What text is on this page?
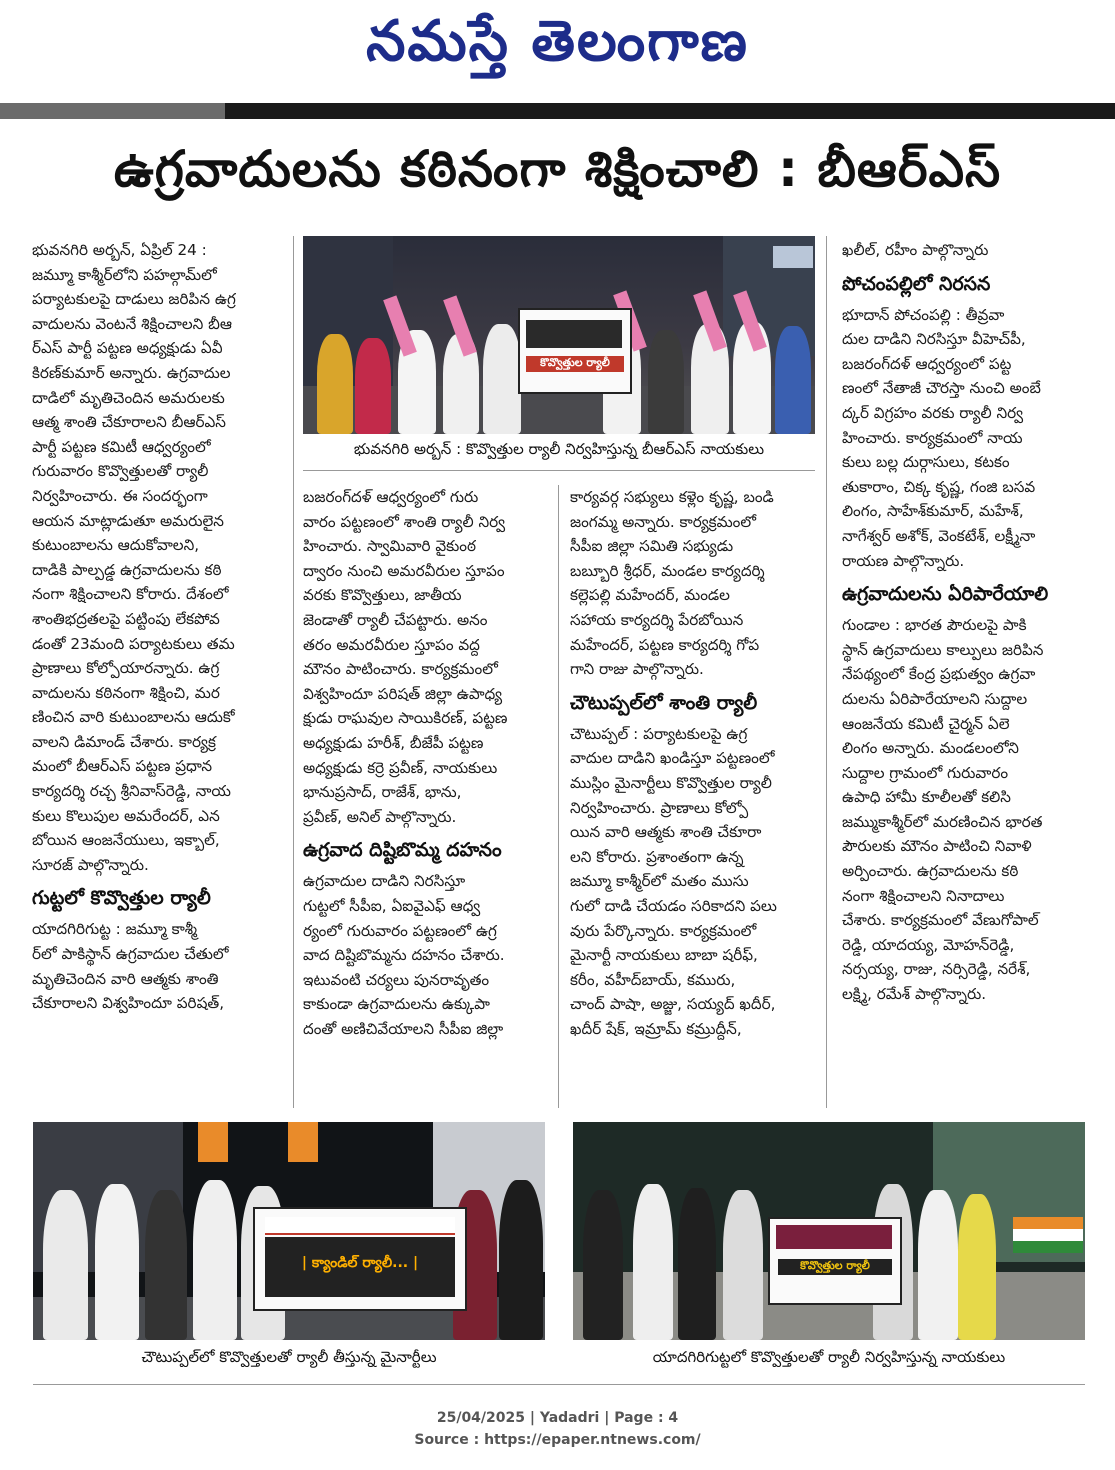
నమస్తే తెలంగాణ
ఉగ్రవాదులను కఠినంగా శిక్షించాలి : బీఆర్ఎస్
కొవ్వొత్తుల ర్యాలీ
భువనగిరి అర్బన్ : కొవ్వొత్తుల ర్యాలీ నిర్వహిస్తున్న బీఆర్ఎస్ నాయకులు

భువనగిరి అర్బన్, ఏప్రిల్ 24 :

జమ్మూ కాశ్మీర్‌లోని పహల్గామ్‌లో

పర్యాటకులపై దాడులు జరిపిన ఉగ్ర

వాదులను వెంటనే శిక్షించాలని బీఆ

ర్ఎస్ పార్టీ పట్టణ అధ్యక్షుడు ఏవీ

కిరణ్‌కుమార్ అన్నారు. ఉగ్రవాదుల

దాడిలో మృతిచెందిన అమరులకు

ఆత్మ శాంతి చేకూరాలని బీఆర్ఎస్

పార్టీ పట్టణ కమిటీ ఆధ్వర్యంలో

గురువారం కొవ్వొత్తులతో ర్యాలీ

నిర్వహించారు. ఈ సందర్భంగా

ఆయన మాట్లాడుతూ అమరులైన

కుటుంబాలను ఆదుకోవాలని,

దాడికి పాల్పడ్డ ఉగ్రవాదులను కఠి

నంగా శిక్షించాలని కోరారు. దేశంలో

శాంతిభద్రతలపై పట్టింపు లేకపోవ

డంతో 23మంది పర్యాటకులు తమ

ప్రాణాలు కోల్పోయారన్నారు. ఉగ్ర

వాదులను కఠినంగా శిక్షించి, మర

ణించిన వారి కుటుంబాలను ఆదుకో

వాలని డిమాండ్ చేశారు. కార్యక్ర

మంలో బీఆర్ఎస్ పట్టణ ప్రధాన

కార్యదర్శి రచ్చ శ్రీనివాస్‌రెడ్డి, నాయ

కులు కొలుపుల అమరేందర్, ఎన

బోయిన ఆంజనేయులు, ఇక్బాల్,

సూరజ్ పాల్గొన్నారు.

గుట్టలో కొవ్వొత్తుల ర్యాలీ

యాదగిరిగుట్ట : జమ్మూ కాశ్మీ

ర్‌లో పాకిస్థాన్ ఉగ్రవాదుల చేతులో

మృతిచెందిన వారి ఆత్మకు శాంతి

చేకూరాలని విశ్వహిందూ పరిషత్,

బజరంగ్‌దళ్ ఆధ్వర్యంలో గురు

వారం పట్టణంలో శాంతి ర్యాలీ నిర్వ

హించారు. స్వామివారి వైకుంఠ

ద్వారం నుంచి అమరవీరుల స్తూపం

వరకు కొవ్వొత్తులు, జాతీయ

జెండాతో ర్యాలీ చేపట్టారు. అనం

తరం అమరవీరుల స్తూపం వద్ద

మౌనం పాటించారు. కార్యక్రమంలో

విశ్వహిందూ పరిషత్ జిల్లా ఉపాధ్య

క్షుడు రాఘవుల సాయికిరణ్, పట్టణ

అధ్యక్షుడు హరీశ్, బీజేపీ పట్టణ

అధ్యక్షుడు కర్రె ప్రవీణ్, నాయకులు

భానుప్రసాద్, రాజేశ్, భాను,

ప్రవీణ్, అనిల్ పాల్గొన్నారు.

ఉగ్రవాద దిష్టిబొమ్మ దహనం

ఉగ్రవాదుల దాడిని నిరసిస్తూ

గుట్టలో సీపీఐ, ఏఐవైఎఫ్ ఆధ్వ

ర్యంలో గురువారం పట్టణంలో ఉగ్ర

వాద దిష్టిబొమ్మను దహనం చేశారు.

ఇటువంటి చర్యలు పునరావృతం

కాకుండా ఉగ్రవాదులను ఉక్కుపా

దంతో అణిచివేయాలని సీపీఐ జిల్లా

కార్యవర్గ సభ్యులు కళ్లెం కృష్ణ, బండి

జంగమ్మ అన్నారు. కార్యక్రమంలో

సీపీఐ జిల్లా సమితి సభ్యుడు

బబ్బూరి శ్రీధర్, మండల కార్యదర్శి

కల్లెపల్లి మహేందర్, మండల

సహాయ కార్యదర్శి పేరబోయిన

మహేందర్, పట్టణ కార్యదర్శి గోప

గాని రాజు పాల్గొన్నారు.

చౌటుప్పల్‌లో శాంతి ర్యాలీ

చౌటుప్పల్ : పర్యాటకులపై ఉగ్ర

వాదుల దాడిని ఖండిస్తూ పట్టణంలో

ముస్లిం మైనార్టీలు కొవ్వొత్తుల ర్యాలీ

నిర్వహించారు. ప్రాణాలు కోల్పో

యిన వారి ఆత్మకు శాంతి చేకూరా

లని కోరారు. ప్రశాంతంగా ఉన్న

జమ్మూ కాశ్మీర్‌లో మతం ముసు

గులో దాడి చేయడం సరికాదని పలు

వురు పేర్కొన్నారు. కార్యక్రమంలో

మైనార్టీ నాయకులు బాబా షరీఫ్,

కరీం, వహీద్‌బాయ్, కమురు,

చాంద్ పాషా, అజ్జు, సయ్యద్ ఖదీర్,

ఖదీర్ షేక్, ఇమ్రామ్ కమ్రుద్దీన్,

ఖలీల్, రహీం పాల్గొన్నారు

పోచంపల్లిలో నిరసన

భూదాన్ పోచంపల్లి : తీవ్రవా

దుల దాడిని నిరసిస్తూ వీహెచ్‌పీ,

బజరంగ్‌దళ్ ఆధ్వర్యంలో పట్ట

ణంలో నేతాజీ చౌరస్తా నుంచి అంబే

ద్కర్ విగ్రహం వరకు ర్యాలీ నిర్వ

హించారు. కార్యక్రమంలో నాయ

కులు బల్ల దుర్గాసులు, కటకం

తుకారాం, చిక్క కృష్ణ, గంజి బసవ

లింగం, సాహేశ్‌కుమార్, మహేశ్,

నాగేశ్వర్ అశోక్, వెంకటేశ్, లక్ష్మీనా

రాయణ పాల్గొన్నారు.

ఉగ్రవాదులను ఏరిపారేయాలి

గుండాల : భారత పౌరులపై పాకి

స్థాన్ ఉగ్రవాదులు కాల్పులు జరిపిన

నేపథ్యంలో కేంద్ర ప్రభుత్వం ఉగ్రవా

దులను ఏరిపారేయాలని సుద్దాల

ఆంజనేయ కమిటీ చైర్మన్ ఏలె

లింగం అన్నారు. మండలంలోని

సుద్దాల గ్రామంలో గురువారం

ఉపాధి హామీ కూలీలతో కలిసి

జమ్ముకాశ్మీర్‌లో మరణించిన భారత

పౌరులకు మౌనం పాటించి నివాళి

అర్పించారు. ఉగ్రవాదులను కఠి

నంగా శిక్షించాలని నినాదాలు

చేశారు. కార్యక్రమంలో వేణుగోపాల్

రెడ్డి, యాదయ్య, మోహన్‌రెడ్డి,

నర్సయ్య, రాజు, నర్సిరెడ్డి, నరేశ్,

లక్ష్మి, రమేశ్ పాల్గొన్నారు.

| క్యాండిల్ ర్యాలీ... |
చౌటుప్పల్‌లో కొవ్వొత్తులతో ర్యాలీ తీస్తున్న మైనార్టీలు
కొవ్వొత్తుల ర్యాలీ
యాదగిరిగుట్టలో కొవ్వొత్తులతో ర్యాలీ నిర్వహిస్తున్న నాయకులు
25/04/2025 | Yadadri | Page : 4
Source : https://epaper.ntnews.com/
